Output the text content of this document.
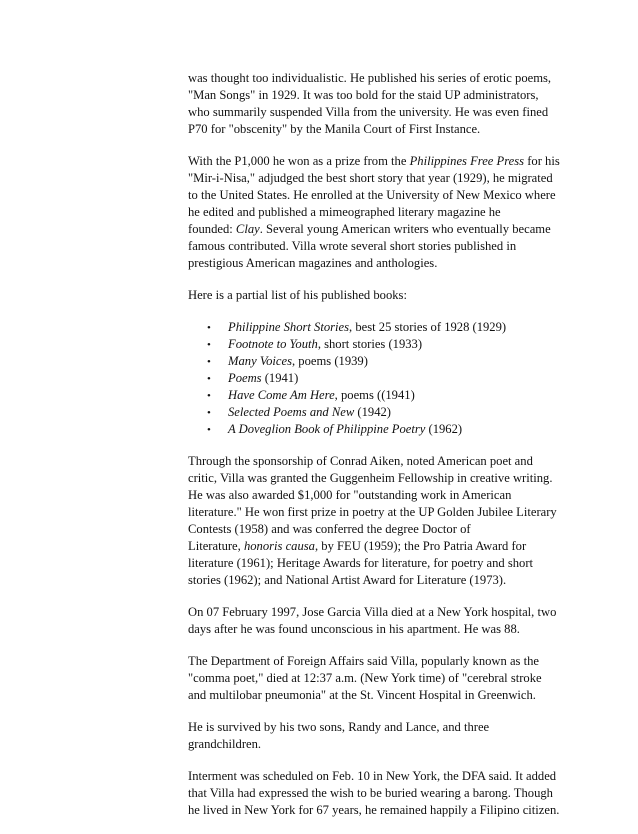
was thought too individualistic. He published his series of erotic poems,
"Man Songs" in 1929. It was too bold for the staid UP administrators,
who summarily suspended Villa from the university. He was even fined
P70 for "obscenity" by the Manila Court of First Instance.

With the P1,000 he won as a prize from the Philippines Free Press for his
"Mir-i-Nisa," adjudged the best short story that year (1929), he migrated
to the United States. He enrolled at the University of New Mexico where
he edited and published a mimeographed literary magazine he
founded: Clay. Several young American writers who eventually became
famous contributed. Villa wrote several short stories published in
prestigious American magazines and anthologies.

Here is a partial list of his published books:

•
Philippine Short Stories, best 25 stories of 1928 (1929)
•
Footnote to Youth, short stories (1933)
•
Many Voices, poems (1939)
•
Poems (1941)
•
Have Come Am Here, poems ((1941)
•
Selected Poems and New (1942)
•
A Doveglion Book of Philippine Poetry (1962)

Through the sponsorship of Conrad Aiken, noted American poet and
critic, Villa was granted the Guggenheim Fellowship in creative writing.
He was also awarded $1,000 for "outstanding work in American
literature." He won first prize in poetry at the UP Golden Jubilee Literary
Contests (1958) and was conferred the degree Doctor of
Literature, honoris causa, by FEU (1959); the Pro Patria Award for
literature (1961); Heritage Awards for literature, for poetry and short
stories (1962); and National Artist Award for Literature (1973).

On 07 February 1997, Jose Garcia Villa died at a New York hospital, two
days after he was found unconscious in his apartment. He was 88.

The Department of Foreign Affairs said Villa, popularly known as the
"comma poet," died at 12:37 a.m. (New York time) of "cerebral stroke
and multilobar pneumonia" at the St. Vincent Hospital in Greenwich.

He is survived by his two sons, Randy and Lance, and three
grandchildren.

Interment was scheduled on Feb. 10 in New York, the DFA said. It added
that Villa had expressed the wish to be buried wearing a barong. Though
he lived in New York for 67 years, he remained happily a Filipino citizen.
